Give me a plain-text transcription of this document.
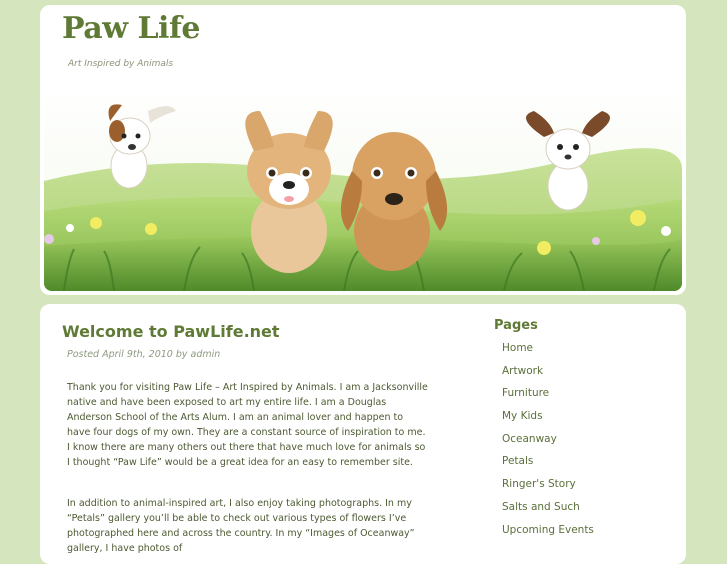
Paw Life
Art Inspired by Animals
Welcome to PawLife.net
Posted April 9th, 2010 by admin

Thank you for visiting Paw Life – Art Inspired by Animals. I am a Jacksonville native and have been exposed to art my entire life. I am a Douglas Anderson School of the Arts Alum. I am an animal lover and happen to have four dogs of my own. They are a constant source of inspiration to me. I know there are many others out there that have much love for animals so I thought “Paw Life” would be a great idea for an easy to remember site.

In addition to animal-inspired art, I also enjoy taking photographs. In my “Petals” gallery you’ll be able to check out various types of flowers I’ve photographed here and across the country. In my “Images of Oceanway” gallery, I have photos of

Pages
Home
Artwork
Furniture
My Kids
Oceanway
Petals
Ringer's Story
Salts and Such
Upcoming Events
